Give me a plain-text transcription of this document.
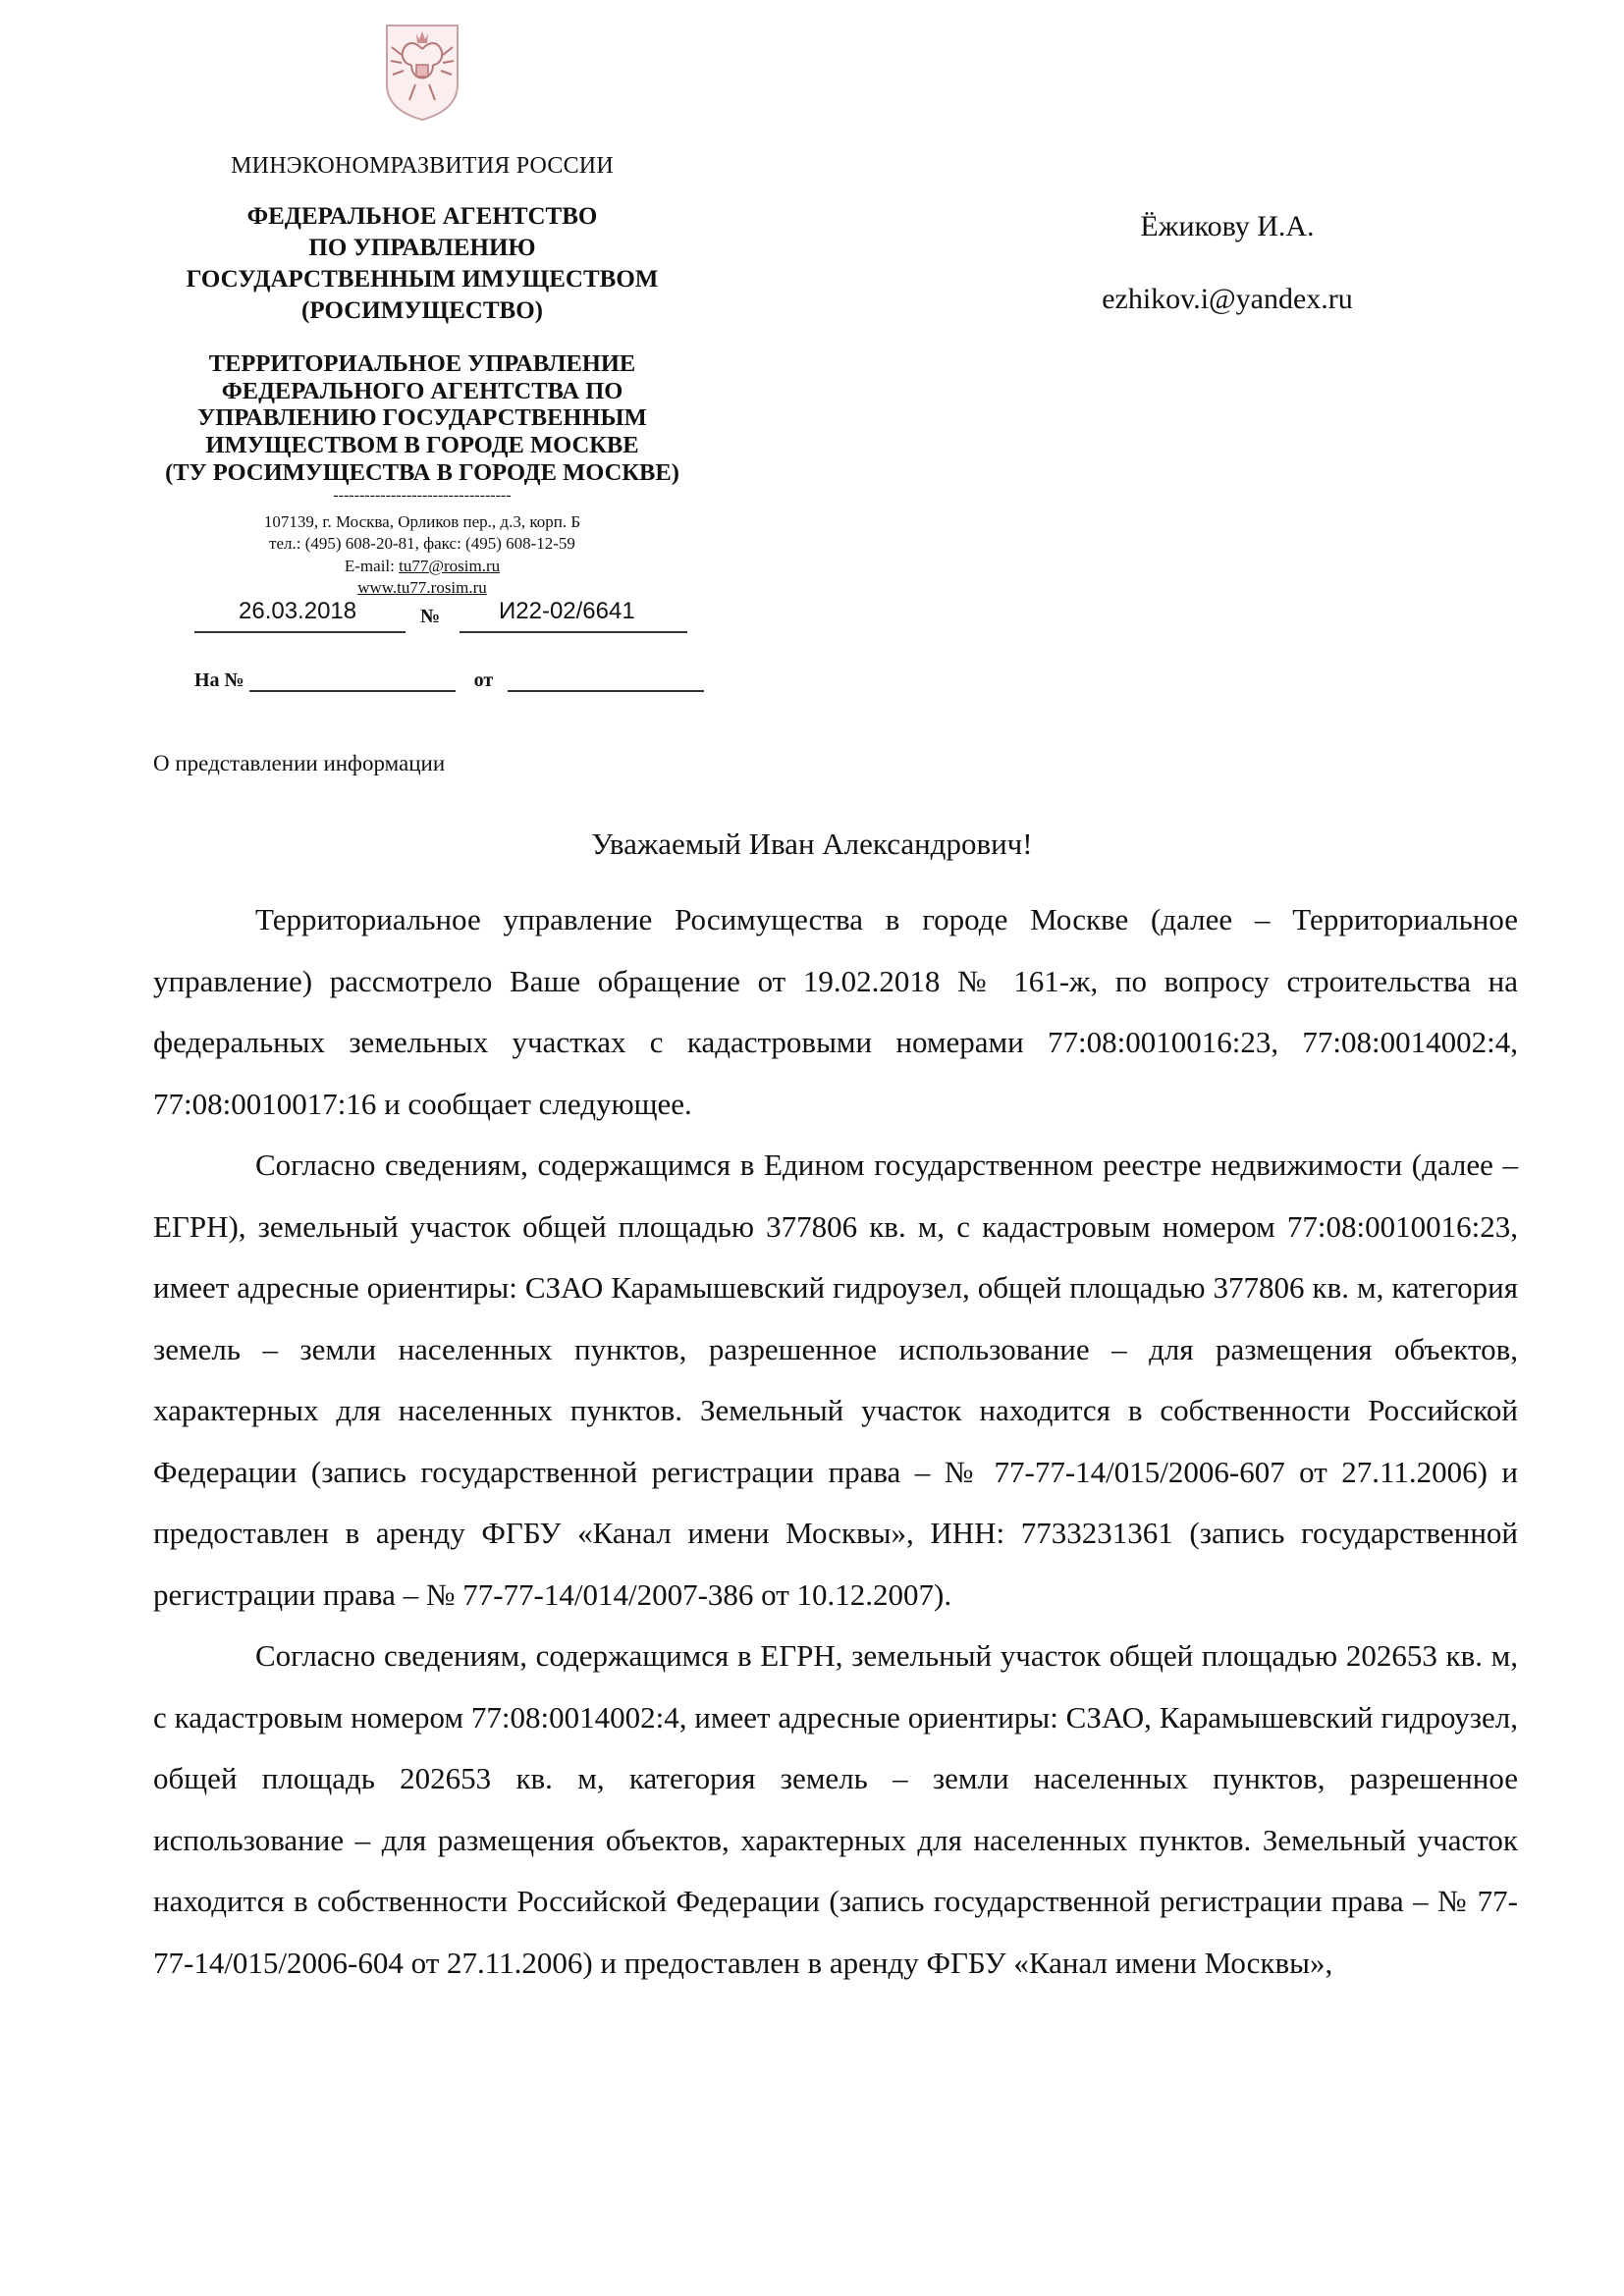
МИНЭКОНОМРАЗВИТИЯ РОССИИ
ФЕДЕРАЛЬНОЕ АГЕНТСТВО
ПО УПРАВЛЕНИЮ
ГОСУДАРСТВЕННЫМ ИМУЩЕСТВОМ
(РОСИМУЩЕСТВО)
ТЕРРИТОРИАЛЬНОЕ УПРАВЛЕНИЕ
ФЕДЕРАЛЬНОГО АГЕНТСТВА ПО
УПРАВЛЕНИЮ ГОСУДАРСТВЕННЫМ
ИМУЩЕСТВОМ В ГОРОДЕ МОСКВЕ
(ТУ РОСИМУЩЕСТВА В ГОРОДЕ МОСКВЕ)
----------------------------------
107139, г. Москва, Орликов пер., д.3, корп. Б
тел.: (495) 608-20-81, факс: (495) 608-12-59
E-mail: tu77@rosim.ru
www.tu77.rosim.ru
26.03.2018	№ И22-02/6641
На №	от
Ёжикову И.А.
ezhikov.i@yandex.ru
О представлении информации
Уважаемый Иван Александрович!

Территориальное управление Росимущества в городе Москве (далее – Территориальное управление) рассмотрело Ваше обращение от 19.02.2018 № 161-ж, по вопросу строительства на федеральных земельных участках с кадастровыми номерами 77:08:0010016:23, 77:08:0014002:4, 77:08:0010017:16 и сообщает следующее.

Согласно сведениям, содержащимся в Едином государственном реестре недвижимости (далее – ЕГРН), земельный участок общей площадью 377806 кв. м, с кадастровым номером 77:08:0010016:23, имеет адресные ориентиры: СЗАО Карамышевский гидроузел, общей площадью 377806 кв. м, категория земель – земли населенных пунктов, разрешенное использование – для размещения объектов, характерных для населенных пунктов. Земельный участок находится в собственности Российской Федерации (запись государственной регистрации права – № 77-77-14/015/2006-607 от 27.11.2006) и предоставлен в аренду ФГБУ «Канал имени Москвы», ИНН: 7733231361 (запись государственной регистрации права – № 77-77-14/014/2007-386 от 10.12.2007).

Согласно сведениям, содержащимся в ЕГРН, земельный участок общей площадью 202653 кв. м, с кадастровым номером 77:08:0014002:4, имеет адресные ориентиры: СЗАО, Карамышевский гидроузел, общей площадь 202653 кв. м, категория земель – земли населенных пунктов, разрешенное использование – для размещения объектов, характерных для населенных пунктов. Земельный участок находится в собственности Российской Федерации (запись государственной регистрации права – № 77-77-14/015/2006-604 от 27.11.2006) и предоставлен в аренду ФГБУ «Канал имени Москвы»,
